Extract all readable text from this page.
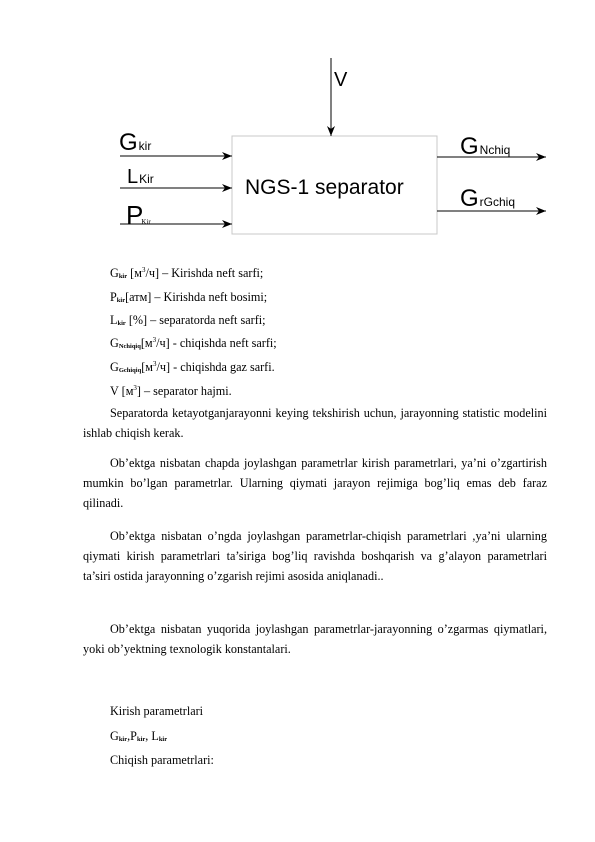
NGS-1 separator
V
Gkir
LKir
PKir
GNchiq
GrGchiq
$G_{kir}$ $[м^3/ч]$ – Kirishda neft sarfi;
$P_{kir}[атм]$ – Kirishda neft bosimi;
$L_{kir}$ [%] – separatorda neft sarfi;
$G_{Nchiqiq}[м^3/ч]$ - chiqishda neft sarfi;
$G_{Gchiqiq}[м^3/ч]$ - chiqishda gaz sarfi.
V $[м^3]$ – separator hajmi.

Separatorda ketayotganjarayonni keying tekshirish uchun, jarayonning statistic modelini ishlab chiqish kerak.

Ob’ektga nisbatan chapda joylashgan parametrlar kirish parametrlari, ya’ni o’zgartirish mumkin bo’lgan parametrlar. Ularning qiymati jarayon rejimiga bog’liq emas deb faraz qilinadi.

Ob’ektga nisbatan o’ngda joylashgan parametrlar-chiqish parametrlari ,ya’ni ularning qiymati kirish parametrlari ta’siriga bog’liq ravishda boshqarish va g’alayon parametrlari ta’siri ostida jarayonning o’zgarish rejimi asosida aniqlanadi..

Ob’ektga nisbatan yuqorida joylashgan parametrlar-jarayonning o’zgarmas qiymatlari, yoki ob’yektning texnologik konstantalari.

Kirish parametrlari
$G_{kir},P_{kir}$, $L_{kir}$
Chiqish parametrlari:
